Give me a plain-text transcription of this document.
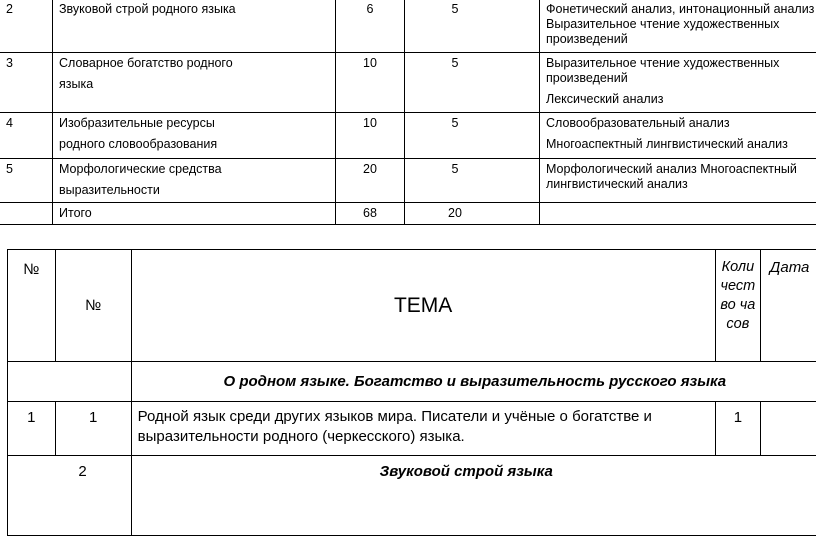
2	Звуковой строй родного языка	6	5	Фонетический анализ, интонационный анализ Выразительное чтение художественных произведений

3	Словарное богатство родного
языка	10	5	Выразительное чтение художественных произведений
Лексический анализ

4	Изобразительные ресурсы
родного словообразования	10	5	Словообразовательный анализ
Многоаспектный лингвистический анализ

5	Морфологические средства
выразительности	20	5	Морфологический анализ Многоаспектный лингвистический анализ

	Итого	68	20	
№	№	ТЕМА	Количество часов	Дата
		О родном языке. Богатство и выразительность русского языка		
1	1	Родной язык среди других языков мира. Писатели и учёные о богатстве и выразительности родного (черкесского) языка.	1	
2		Звуковой строй языка		
